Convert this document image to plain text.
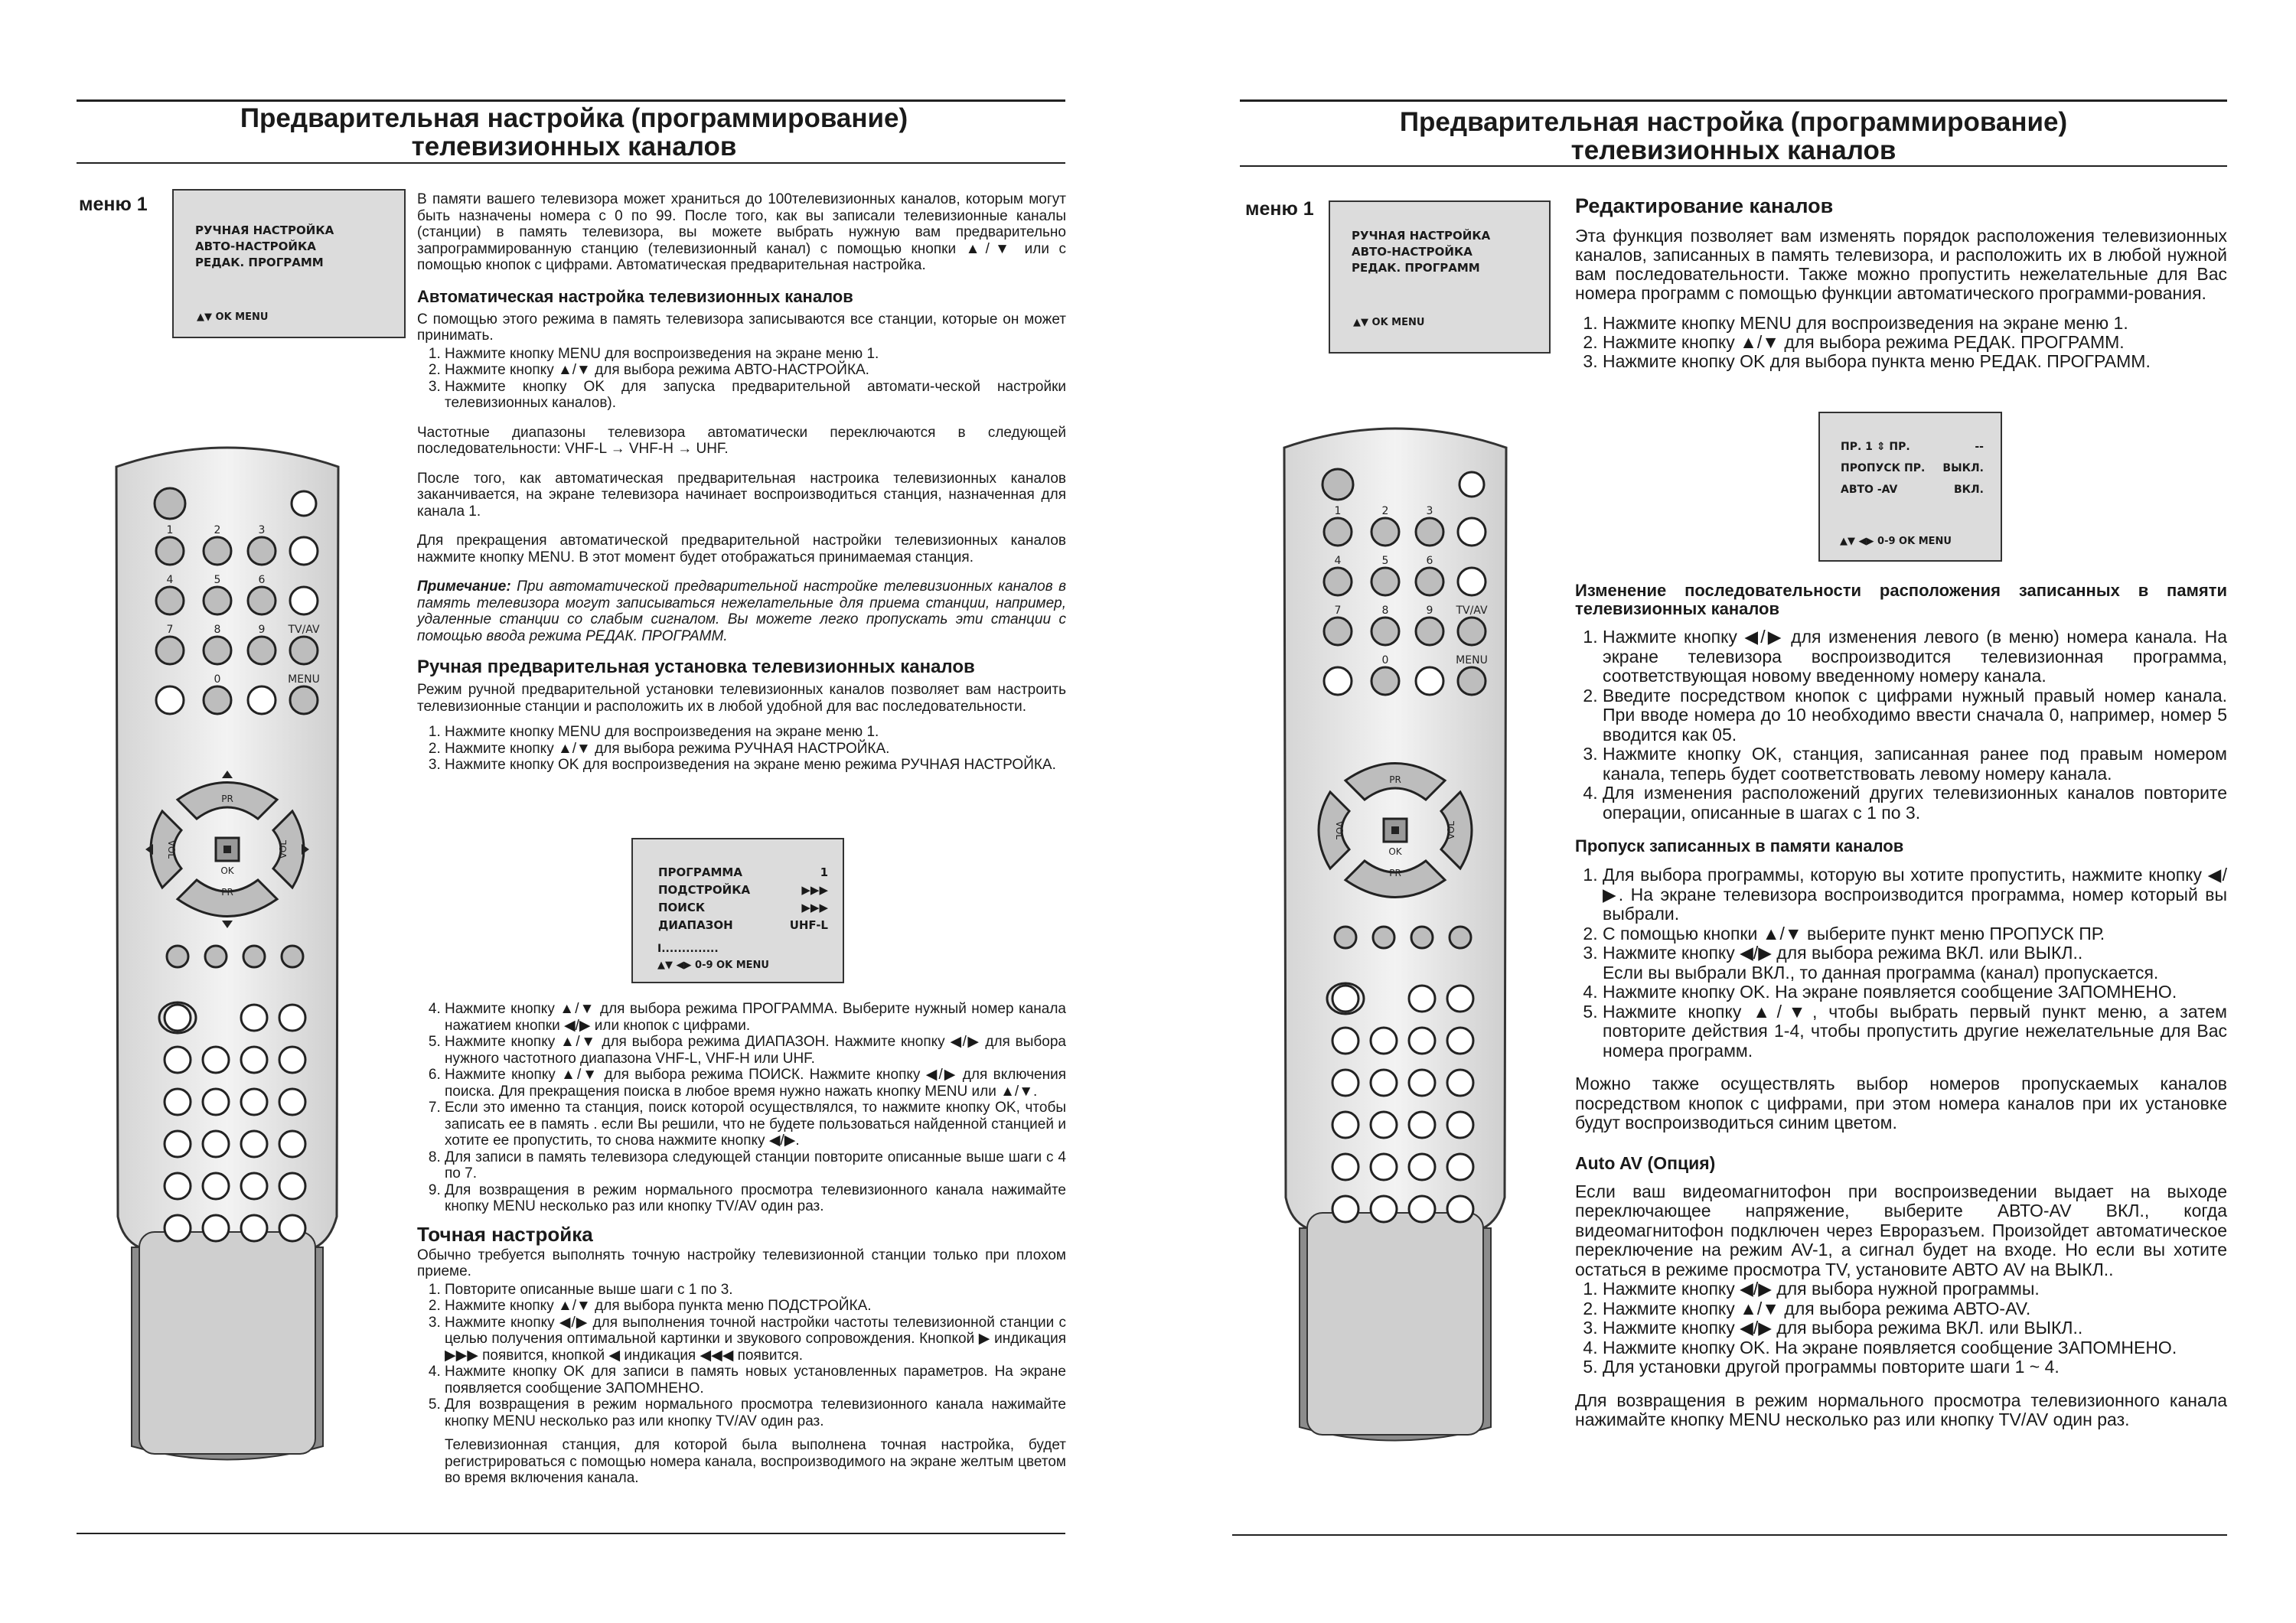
Предварительная настройка (программирование)
телевизионных каналов
меню 1
РУЧНАЯ НАСТРОЙКА
АВТО-НАСТРОЙКА
РЕДАК. ПРОГРАММ
▲▼ OK MENU
1	2	3
4	5	6
7	8	9 TV/AV
0	MENU
PR
PR
OK
VOL	VOL
ПРОГРАММА	1
ПОДСТРОЙКА	▶▶▶
ПОИСК	▶▶▶
ДИАПАЗОН	UHF-L
I..............
▲▼ ◀▶ 0-9 OK MENU

В памяти вашего телевизора может храниться до 100телевизионных каналов, которым могут быть назначены номера с 0 по 99. После того, как вы записали телевизионные каналы (станции) в память телевизора, вы можете выбрать нужную вам предварительно запрограммированную станцию (телевизионный канал) с помощью кнопки ▲/▼ или с помощью кнопок с цифрами. Автоматическая предварительная настройка.

Автоматическая настройка телевизионных каналов

С помощью этого режима в память телевизора записываются все станции, которые он может принимать.

1. Нажмите кнопку MENU для воспроизведения на экране меню 1.
2. Нажмите кнопку ▲/▼ для выбора режима АВТО-НАСТРОЙКА.
3. Нажмите кнопку OK для запуска предварительной автомати-ческой настройки телевизионных каналов).

Частотные диапазоны телевизора автоматически переключаются в следующей последовательности: VHF-L → VHF-H → UHF.

После того, как автоматическая предварительная настроика телевизионных каналов заканчивается, на экране телевизора начинает воспроизводиться станция, назначенная для канала 1.

Для прекращения автоматической предварительной настройки телевизионных каналов нажмите кнопку MENU. В этот момент будет отображаться принимаемая станция.

Примечание: При автоматической предварительной настройке телевизионных каналов в память телевизора могут записываться нежелательные для приема станции, например, удаленные станции со слабым сигналом. Вы можете легко пропускать эти станции с помощью ввода режима РЕДАК. ПРОГРАММ.

Ручная предварительная установка телевизионных каналов

Режим ручной предварительной установки телевизионных каналов позволяет вам настроить телевизионные станции и расположить их в любой удобной для вас последовательности.

1. Нажмите кнопку MENU для воспроизведения на экране меню 1.
2. Нажмите кнопку ▲/▼ для выбора режима РУЧНАЯ НАСТРОЙКА.
3. Нажмите кнопку OK для воспроизведения на экране меню режима РУЧНАЯ НАСТРОЙКА.
4. Нажмите кнопку ▲/▼ для выбора режима ПРОГРАММА. Выберите нужный номер канала нажатием кнопки ◀/▶ или кнопок с цифрами.
5. Нажмите кнопку ▲/▼ для выбора режима ДИАПАЗОН. Нажмите кнопку ◀/▶ для выбора нужного частотного диапазона VHF-L, VHF-H или UHF.
6. Нажмите кнопку ▲/▼ для выбора режима ПОИСК. Нажмите кнопку ◀/▶ для включения поиска. Для прекращения поиска в любое время нужно нажать кнопку MENU или ▲/▼.
7. Если это именно та станция, поиск которой осуществлялся, то нажмите кнопку OK, чтобы записать ее в память . если Вы решили, что не будете пользоваться найденной станцией и хотите ее пропустить, то снова нажмите кнопку ◀/▶.
8. Для записи в память телевизора следующей станции повторите описанные выше шаги с 4 по 7.
9. Для возвращения в режим нормального просмотра телевизионного канала нажимайте кнопку MENU несколько раз или кнопку TV/AV один раз.
Точная настройка

Обычно требуется выполнять точную настройку телевизионной станции только при плохом приеме.

1. Повторите описанные выше шаги с 1 по 3.
2. Нажмите кнопку ▲/▼ для выбора пункта меню ПОДСТРОЙКА.
3. Нажмите кнопку ◀/▶ для выполнения точной настройки частоты телевизионной станции с целью получения оптимальной картинки и звукового сопровождения. Кнопкой ▶ индикация ▶▶▶ появится, кнопкой ◀ индикация ◀◀◀ появится.
4. Нажмите кнопку OK для записи в память новых установленных параметров. На экране появляется сообщение ЗАПОМНЕНО.
5. Для возвращения в режим нормального просмотра телевизионного канала нажимайте кнопку MENU несколько раз или кнопку TV/AV один раз.

Телевизионная станция, для которой была выполнена точная настройка, будет регистрироваться с помощью номера канала, воспроизводимого на экране желтым цветом во время включения канала.

Предварительная настройка (программирование)
телевизионных каналов
меню 1
РУЧНАЯ НАСТРОЙКА
АВТО-НАСТРОЙКА
РЕДАК. ПРОГРАММ
▲▼ OK MENU
1	2	3
4	5	6
7	8	9 TV/AV
0	MENU
PR
PR
OK
VOL	VOL
ПР. 1 ⇕ ПР.	--
ПРОПУСК ПР.	ВЫКЛ.
АВТО -AV	ВКЛ.
▲▼ ◀▶ 0-9 OK MENU
Редактирование каналов

Эта функция позволяет вам изменять порядок расположения телевизионных каналов, записанных в память телевизора, и расположить их в любой нужной вам последовательности. Также можно пропустить нежелательные для Вас номера программ с помощью функции автоматического программи-рования.

1. Нажмите кнопку MENU для воспроизведения на экране меню 1.
2. Нажмите кнопку ▲/▼ для выбора режима РЕДАК. ПРОГРАММ.
3. Нажмите кнопку OK для выбора пункта меню РЕДАК. ПРОГРАММ.
Изменение последовательности расположения записанных в памяти телевизионных каналов
1. Нажмите кнопку ◀/▶ для изменения левого (в меню) номера канала. На экране телевизора воспроизводится телевизионная программа, соответствующая новому введенному номеру канала.
2. Введите посредством кнопок с цифрами нужный правый номер канала. При вводе номера до 10 необходимо ввести сначала 0, например, номер 5 вводится как 05.
3. Нажмите кнопку OK, станция, записанная ранее под правым номером канала, теперь будет соответствовать левому номеру канала.
4. Для изменения расположений других телевизионных каналов повторите операции, описанные в шагах с 1 по 3.
Пропуск записанных в памяти каналов
1. Для выбора программы, которую вы хотите пропустить, нажмите кнопку ◀/▶. На экране телевизора воспроизводится программа, номер который вы выбрали.
2. С помощью кнопки ▲/▼ выберите пункт меню ПРОПУСК ПР.
3. Нажмите кнопку ◀/▶ для выбора режима ВКЛ. или ВЫКЛ..
Если вы выбрали ВКЛ., то данная программа (канал) пропускается.
4. Нажмите кнопку OK. На экране появляется сообщение ЗАПОМНЕНО.
5. Нажмите кнопку ▲/▼, чтобы выбрать первый пункт меню, а затем повторите действия 1-4, чтобы пропустить другие нежелательные для Вас номера программ.

Можно также осуществлять выбор номеров пропускаемых каналов посредством кнопок с цифрами, при этом номера каналов при их установке будут воспроизводиться синим цветом.

Auto AV (Опция)

Если ваш видеомагнитофон при воспроизведении выдает на выходе переключающее напряжение, выберите АВТО-AV ВКЛ., когда видеомагнитофон подключен через Евроразъем. Произойдет автоматическое переключение на режим AV-1, а сигнал будет на входе. Но если вы хотите остаться в режиме просмотра TV, установите АВТО AV на ВЫКЛ..

1. Нажмите кнопку ◀/▶ для выбора нужной программы.
2. Нажмите кнопку ▲/▼ для выбора режима АВТО-AV.
3. Нажмите кнопку ◀/▶ для выбора режима ВКЛ. или ВЫКЛ..
4. Нажмите кнопку OK. На экране появляется сообщение ЗАПОМНЕНО.
5. Для установки другой программы повторите шаги 1 ~ 4.

Для возвращения в режим нормального просмотра телевизионного канала нажимайте кнопку MENU несколько раз или кнопку TV/AV один раз.
